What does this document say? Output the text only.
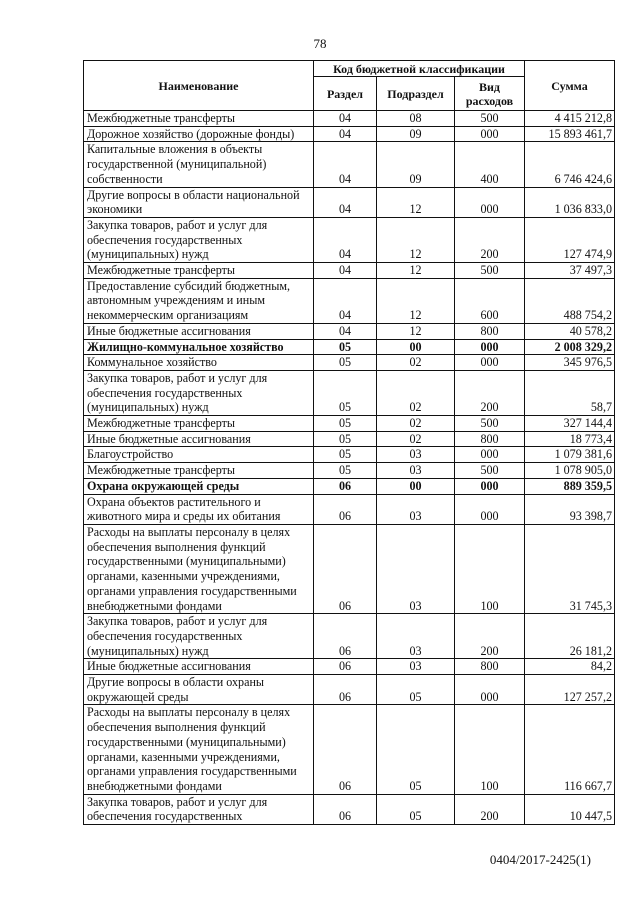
78
Наименование	Код бюджетной классификации			Сумма
	Раздел	Подраздел	Вид расходов	
Межбюджетные трансферты	04	08	500	4 415 212,8
Дорожное хозяйство (дорожные фонды)	04	09	000	15 893 461,7
Капитальные вложения в объекты государственной (муниципальной) собственности	04	09	400	6 746 424,6
Другие вопросы в области национальной экономики	04	12	000	1 036 833,0
Закупка товаров, работ и услуг для обеспечения государственных (муниципальных) нужд	04	12	200	127 474,9
Межбюджетные трансферты	04	12	500	37 497,3
Предоставление субсидий бюджетным, автономным учреждениям и иным некоммерческим организациям	04	12	600	488 754,2
Иные бюджетные ассигнования	04	12	800	40 578,2
Жилищно-коммунальное хозяйство	05	00	000	2 008 329,2
Коммунальное хозяйство	05	02	000	345 976,5
Закупка товаров, работ и услуг для обеспечения государственных (муниципальных) нужд	05	02	200	58,7
Межбюджетные трансферты	05	02	500	327 144,4
Иные бюджетные ассигнования	05	02	800	18 773,4
Благоустройство	05	03	000	1 079 381,6
Межбюджетные трансферты	05	03	500	1 078 905,0
Охрана окружающей среды	06	00	000	889 359,5
Охрана объектов растительного и животного мира и среды их обитания	06	03	000	93 398,7
Расходы на выплаты персоналу в целях обеспечения выполнения функций государственными (муниципальными) органами, казенными учреждениями, органами управления государственными внебюджетными фондами	06	03	100	31 745,3
Закупка товаров, работ и услуг для обеспечения государственных (муниципальных) нужд	06	03	200	26 181,2
Иные бюджетные ассигнования	06	03	800	84,2
Другие вопросы в области охраны окружающей среды	06	05	000	127 257,2
Расходы на выплаты персоналу в целях обеспечения выполнения функций государственными (муниципальными) органами, казенными учреждениями, органами управления государственными внебюджетными фондами	06	05	100	116 667,7
Закупка товаров, работ и услуг для обеспечения государственных	06	05	200	10 447,5
0404/2017-2425(1)
